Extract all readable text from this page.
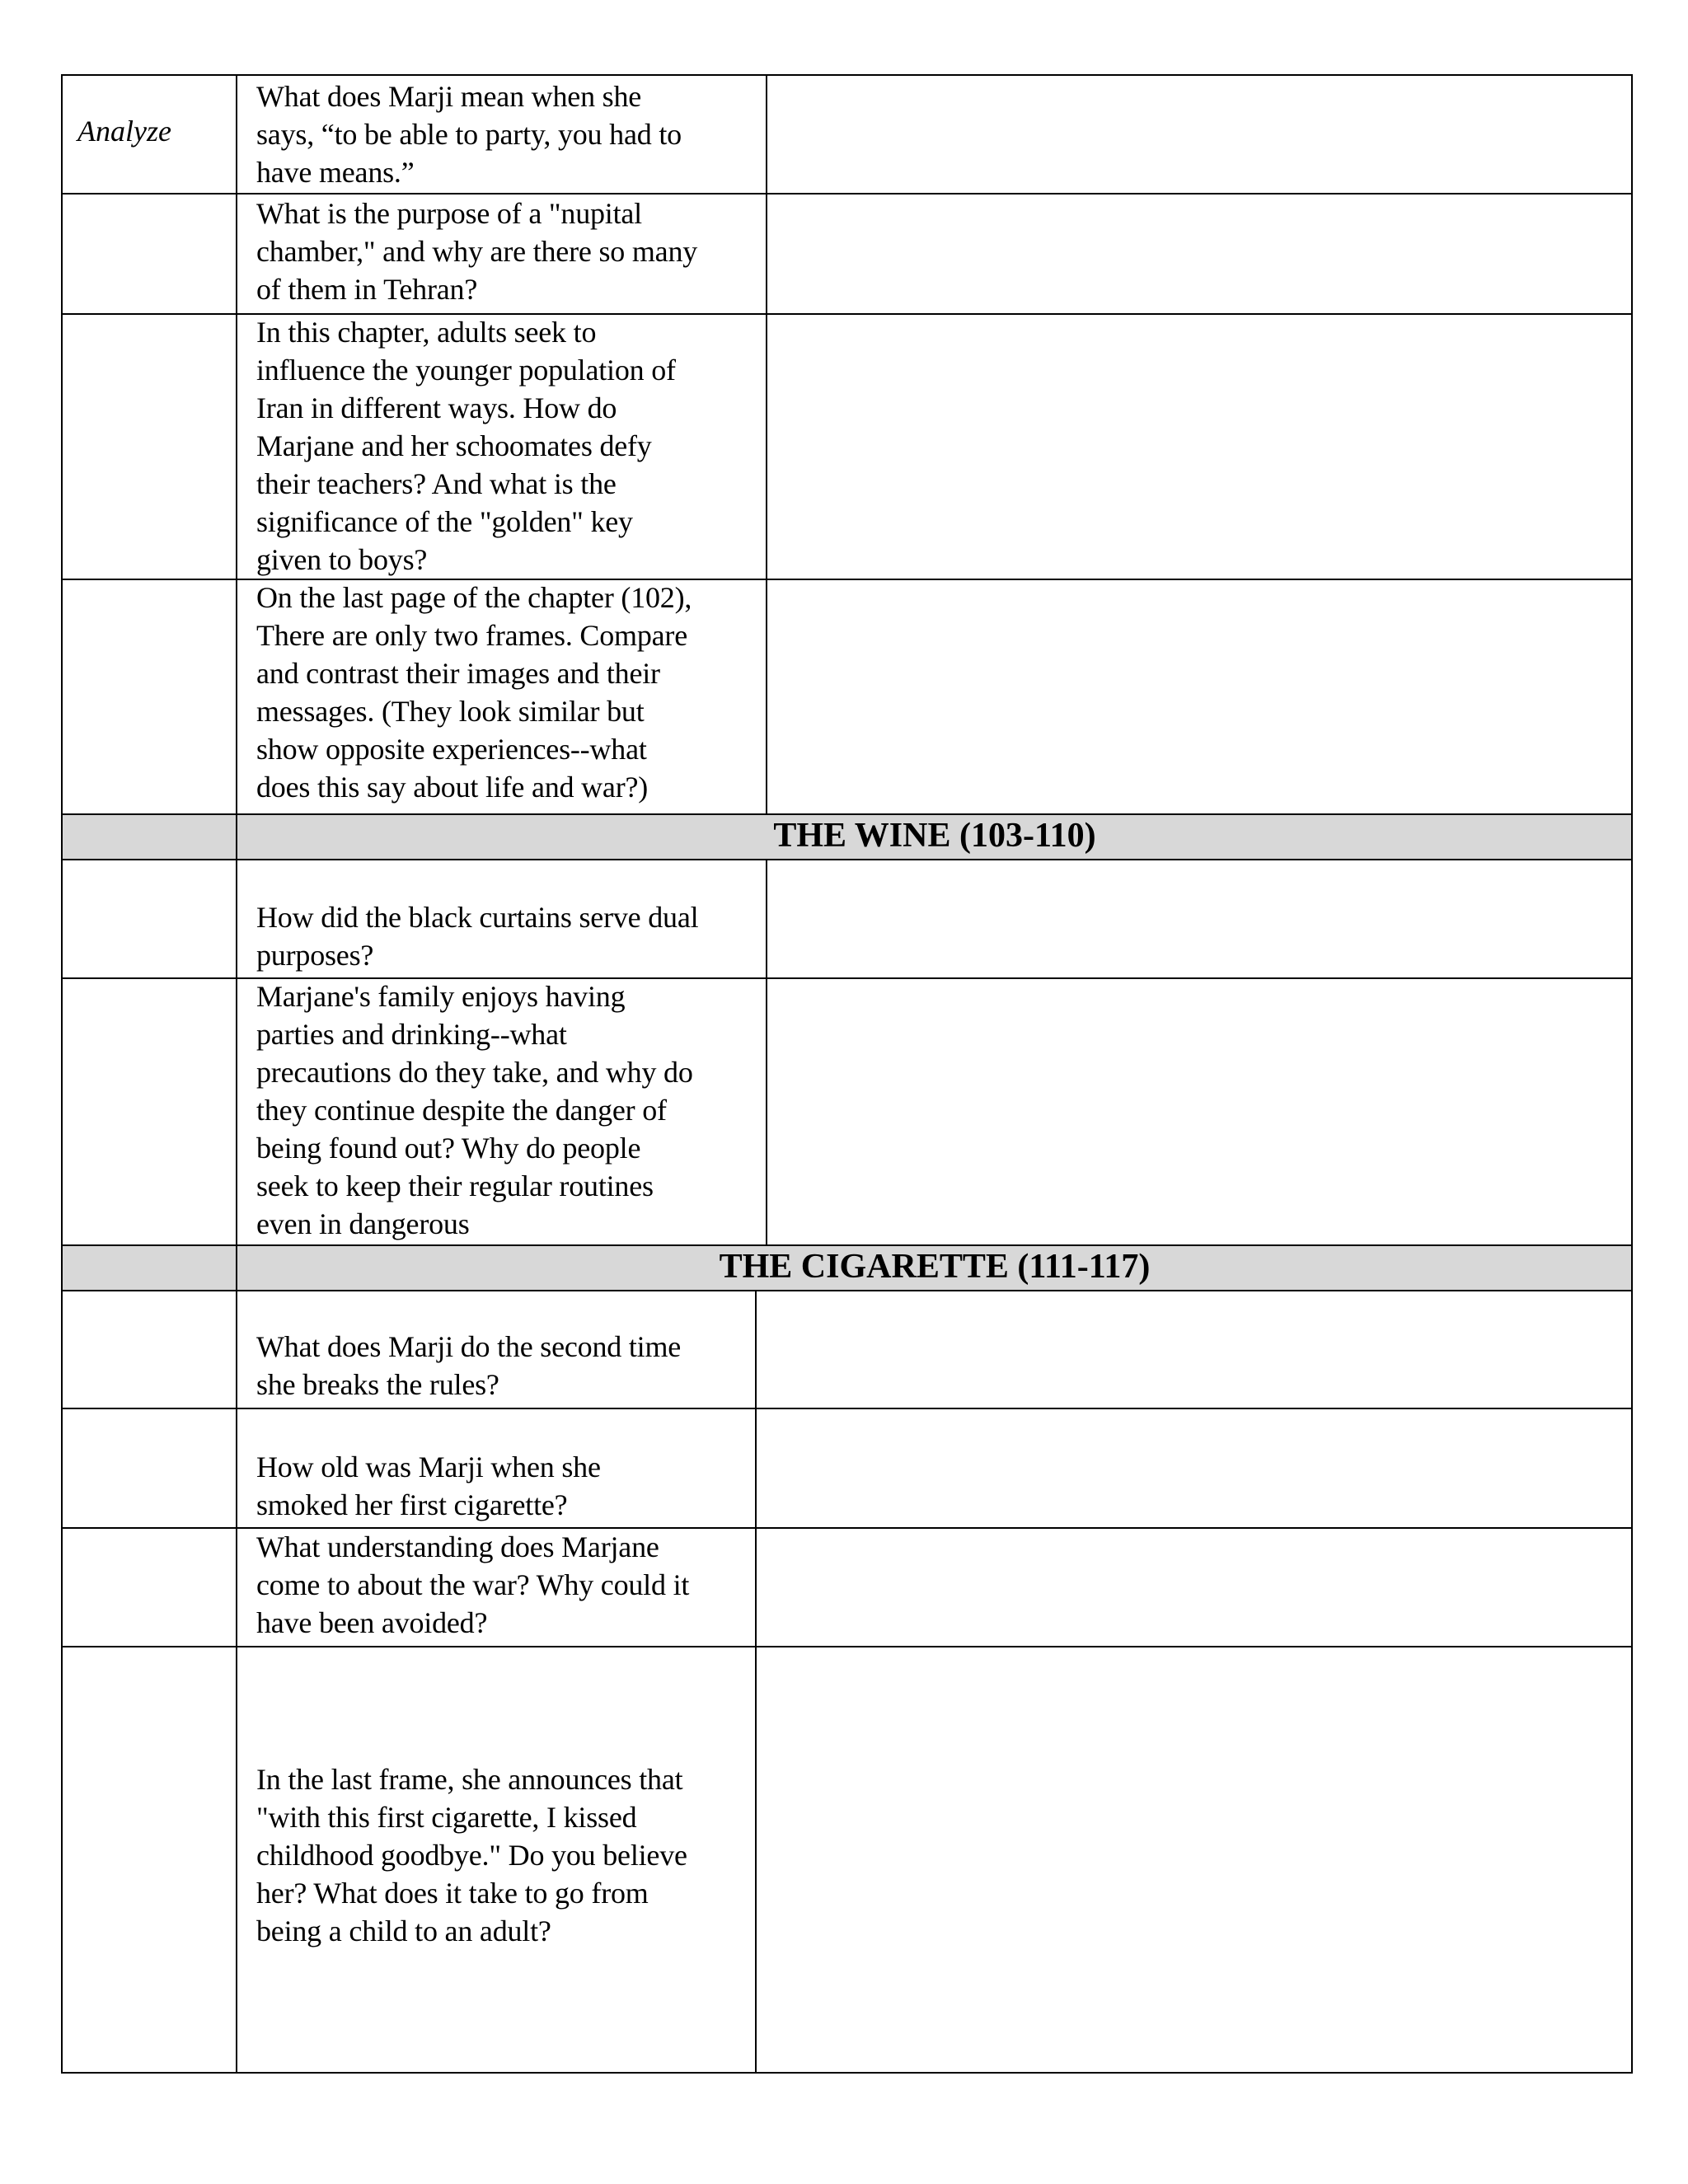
Analyze
What does Marji mean when she
says, “to be able to party, you had to
have means.”
What is the purpose of a "nupital
chamber," and why are there so many
of them in Tehran?
In this chapter, adults seek to
influence the younger population of
Iran in different ways. How do
Marjane and her schoomates defy
their teachers? And what is the
significance of the "golden" key
given to boys?
On the last page of the chapter (102),
There are only two frames. Compare
and contrast their images and their
messages. (They look similar but
show opposite experiences--what
does this say about life and war?)
THE WINE (103-110)
How did the black curtains serve dual
purposes?
Marjane's family enjoys having
parties and drinking--what
precautions do they take, and why do
they continue despite the danger of
being found out? Why do people
seek to keep their regular routines
even in dangerous
THE CIGARETTE (111-117)
What does Marji do the second time
she breaks the rules?
How old was Marji when she
smoked her first cigarette?
What understanding does Marjane
come to about the war? Why could it
have been avoided?
In the last frame, she announces that
"with this first cigarette, I kissed
childhood goodbye." Do you believe
her? What does it take to go from
being a child to an adult?
